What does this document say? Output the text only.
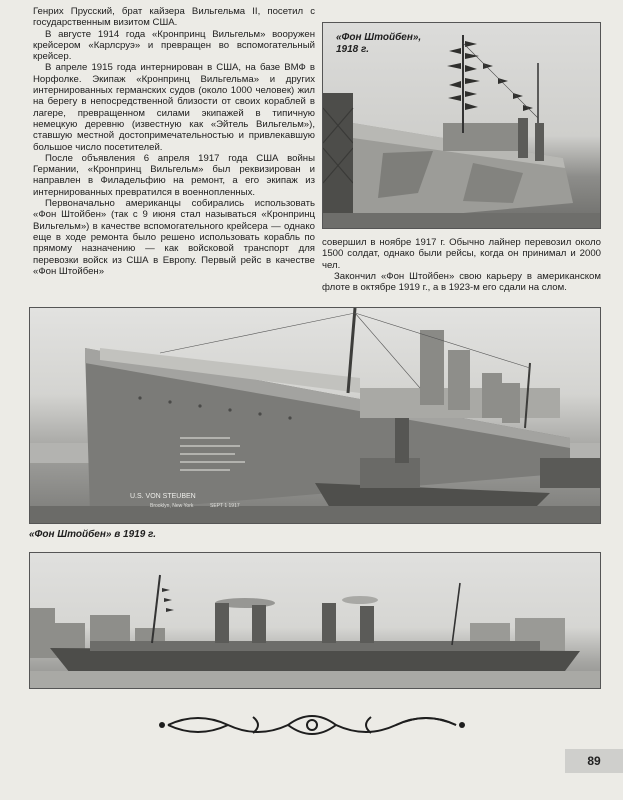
Генрих Прусский, брат кайзера Вильгельма II, посетил с государственным визитом США.

В августе 1914 года «Кронпринц Вильгельм» вооружен крейсером «Карлсруэ» и превращен во вспомогательный крейсер.

В апреле 1915 года интернирован в США, на базе ВМФ в Норфолке. Экипаж «Кронпринц Вильгельма» и других интернированных германских судов (около 1000 человек) жил на берегу в непосредственной близости от своих кораблей в лагере, превращенном силами экипажей в типичную немецкую деревню (известную как «Эйтель Вильгельм»), ставшую местной достопримечательностью и привлекавшую большое число посетителей.

После объявления 6 апреля 1917 года США войны Германии, «Кронпринц Вильгельм» был реквизирован и направлен в Филадельфию на ремонт, а его экипаж из интернированных превратился в военнопленных.

Первоначально американцы собирались использовать «Фон Штойбен» (так с 9 июня стал называться «Кронпринц Вильгельм») в качестве вспомогательного крейсера — однако еще в ходе ремонта было решено использовать корабль по прямому назначению — как войсковой транспорт для перевозки войск из США в Европу. Первый рейс в качестве «Фон Штойбен»

«Фон Штойбен»,
1918 г.

совершил в ноябре 1917 г. Обычно лайнер перевозил около 1500 солдат, однако были рейсы, когда он принимал и 2000 чел.

Закончил «Фон Штойбен» свою карьеру в американском флоте в октябре 1919 г., а в 1923-м его сдали на слом.

U.S. VON STEUBEN
Brooklyn, New York	SEPT 1 1917
«Фон Штойбен» в 1919 г.
89
